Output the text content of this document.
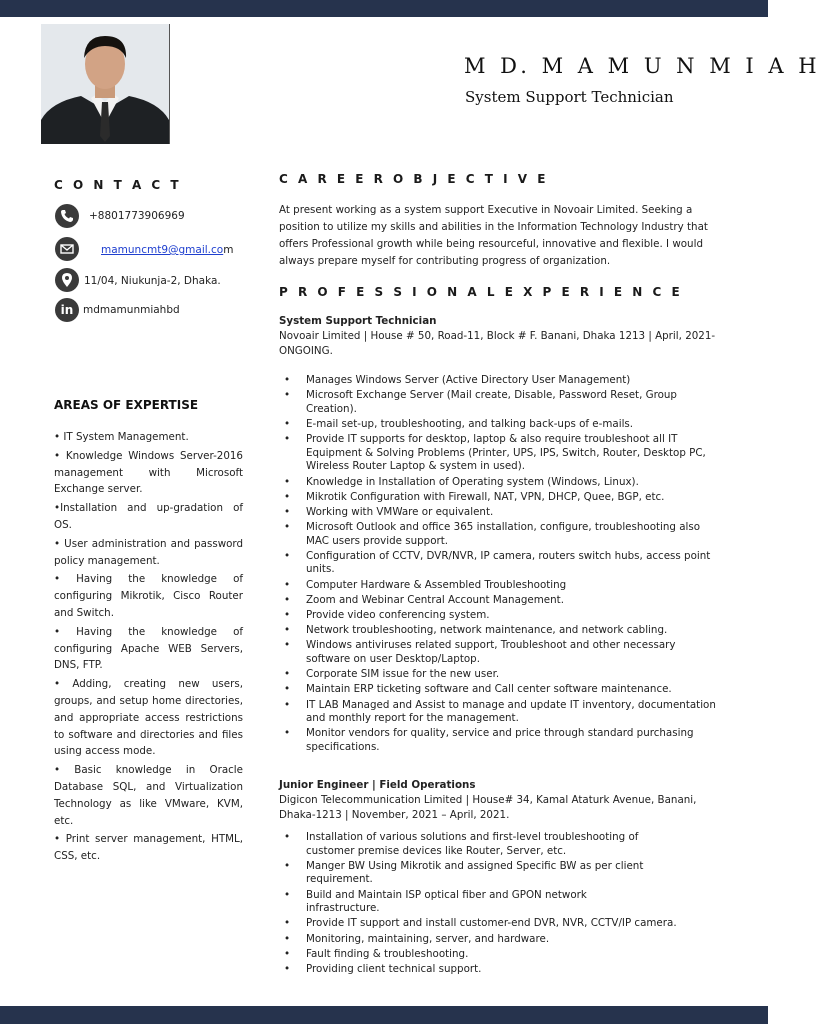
M D. M A M U N M I A H
System Support Technician
C O N T A C T
+8801773906969
mamuncmt9@gmail.com
11/04, Niukunja-2, Dhaka.
in mdmamunmiahbd
AREAS OF EXPERTISE

• IT System Management.

• Knowledge Windows Server-2016 management with Microsoft Exchange server.

•Installation and up-gradation of OS.

• User administration and password policy management.

• Having the knowledge of configuring Mikrotik, Cisco Router and Switch.

• Having the knowledge of configuring Apache WEB Servers, DNS, FTP.

• Adding, creating new users, groups, and setup home directories, and appropriate access restrictions to software and directories and files using access mode.

• Basic knowledge in Oracle Database SQL, and Virtualization Technology as like VMware, KVM, etc.

• Print server management, HTML, CSS, etc.

C A R E E R O B J E C T I V E
At present working as a system support Executive in Novoair Limited. Seeking a position to utilize my skills and abilities in the Information Technology Industry that offers Professional growth while being resourceful, innovative and flexible. I would always prepare myself for contributing progress of organization.
P R O F E S S I O N A L E X P E R I E N C E
System Support Technician
Novoair Limited | House # 50, Road-11, Block # F. Banani, Dhaka 1213 | April, 2021- ONGOING.
• Manages Windows Server (Active Directory User Management)
• Microsoft Exchange Server (Mail create, Disable, Password Reset, Group Creation).
• E-mail set-up, troubleshooting, and talking back-ups of e-mails.
• Provide IT supports for desktop, laptop & also require troubleshoot all IT Equipment & Solving Problems (Printer, UPS, IPS, Switch, Router, Desktop PC, Wireless Router Laptop & system in used).
• Knowledge in Installation of Operating system (Windows, Linux).
• Mikrotik Configuration with Firewall, NAT, VPN, DHCP, Quee, BGP, etc.
• Working with VMWare or equivalent.
• Microsoft Outlook and office 365 installation, configure, troubleshooting also MAC users provide support.
• Configuration of CCTV, DVR/NVR, IP camera, routers switch hubs, access point units.
• Computer Hardware & Assembled Troubleshooting
• Zoom and Webinar Central Account Management.
• Provide video conferencing system.
• Network troubleshooting, network maintenance, and network cabling.
• Windows antiviruses related support, Troubleshoot and other necessary software on user Desktop/Laptop.
• Corporate SIM issue for the new user.
• Maintain ERP ticketing software and Call center software maintenance.
• IT LAB Managed and Assist to manage and update IT inventory, documentation and monthly report for the management.
• Monitor vendors for quality, service and price through standard purchasing specifications.
Junior Engineer | Field Operations
Digicon Telecommunication Limited | House# 34, Kamal Ataturk Avenue, Banani, Dhaka-1213 | November, 2021 – April, 2021.
• Installation of various solutions and first-level troubleshooting of customer premise devices like Router, Server, etc.
• Manger BW Using Mikrotik and assigned Specific BW as per client requirement.
• Build and Maintain ISP optical fiber and GPON network infrastructure.
• Provide IT support and install customer-end DVR, NVR, CCTV/IP camera.
• Monitoring, maintaining, server, and hardware.
• Fault finding & troubleshooting.
• Providing client technical support.
